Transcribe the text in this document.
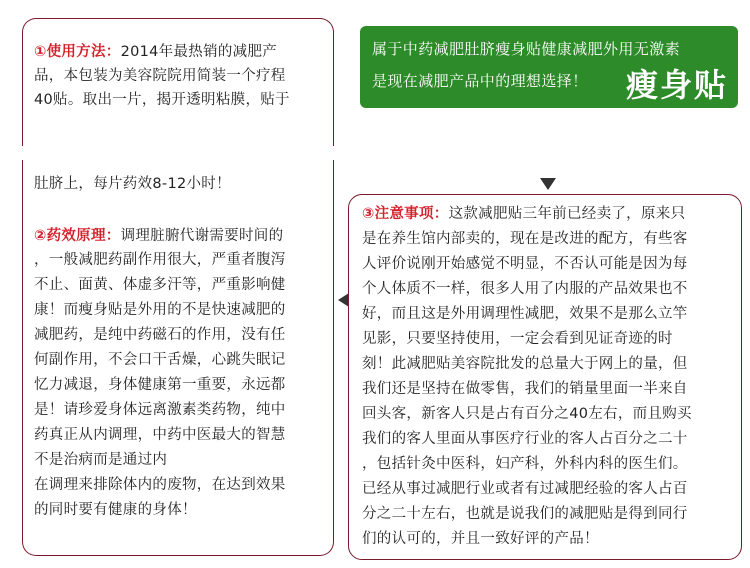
①使用方法：2014年最热销的减肥产
品，本包装为美容院院用简装一个疗程
40贴。取出一片，揭开透明粘膜，贴于
属于中药减肥肚脐瘦身贴健康减肥外用无激素
是现在减肥产品中的理想选择！ 瘦身贴
肚脐上，每片药效8-12小时！
②药效原理：调理脏腑代谢需要时间的
，一般减肥药副作用很大，严重者腹泻
不止、面黄、体虚多汗等，严重影响健
康！而瘦身贴是外用的不是快速减肥的
减肥药，是纯中药磁石的作用，没有任
何副作用，不会口干舌燥，心跳失眠记
忆力减退，身体健康第一重要，永远都
是！请珍爱身体远离激素类药物，纯中
药真正从内调理，中药中医最大的智慧
不是治病而是通过内
在调理来排除体内的废物，在达到效果
的同时要有健康的身体！
③注意事项：这款减肥贴三年前已经卖了，原来只
是在养生馆内部卖的，现在是改进的配方，有些客
人评价说刚开始感觉不明显，不否认可能是因为每
个人体质不一样，很多人用了内服的产品效果也不
好，而且这是外用调理性减肥，效果不是那么立竿
见影，只要坚持使用，一定会看到见证奇迹的时
刻！此减肥贴美容院批发的总量大于网上的量，但
我们还是坚持在做零售，我们的销量里面一半来自
回头客，新客人只是占有百分之40左右，而且购买
我们的客人里面从事医疗行业的客人占百分之二十
，包括针灸中医科，妇产科，外科内科的医生们。
已经从事过减肥行业或者有过减肥经验的客人占百
分之二十左右，也就是说我们的减肥贴是得到同行
们的认可的，并且一致好评的产品！
